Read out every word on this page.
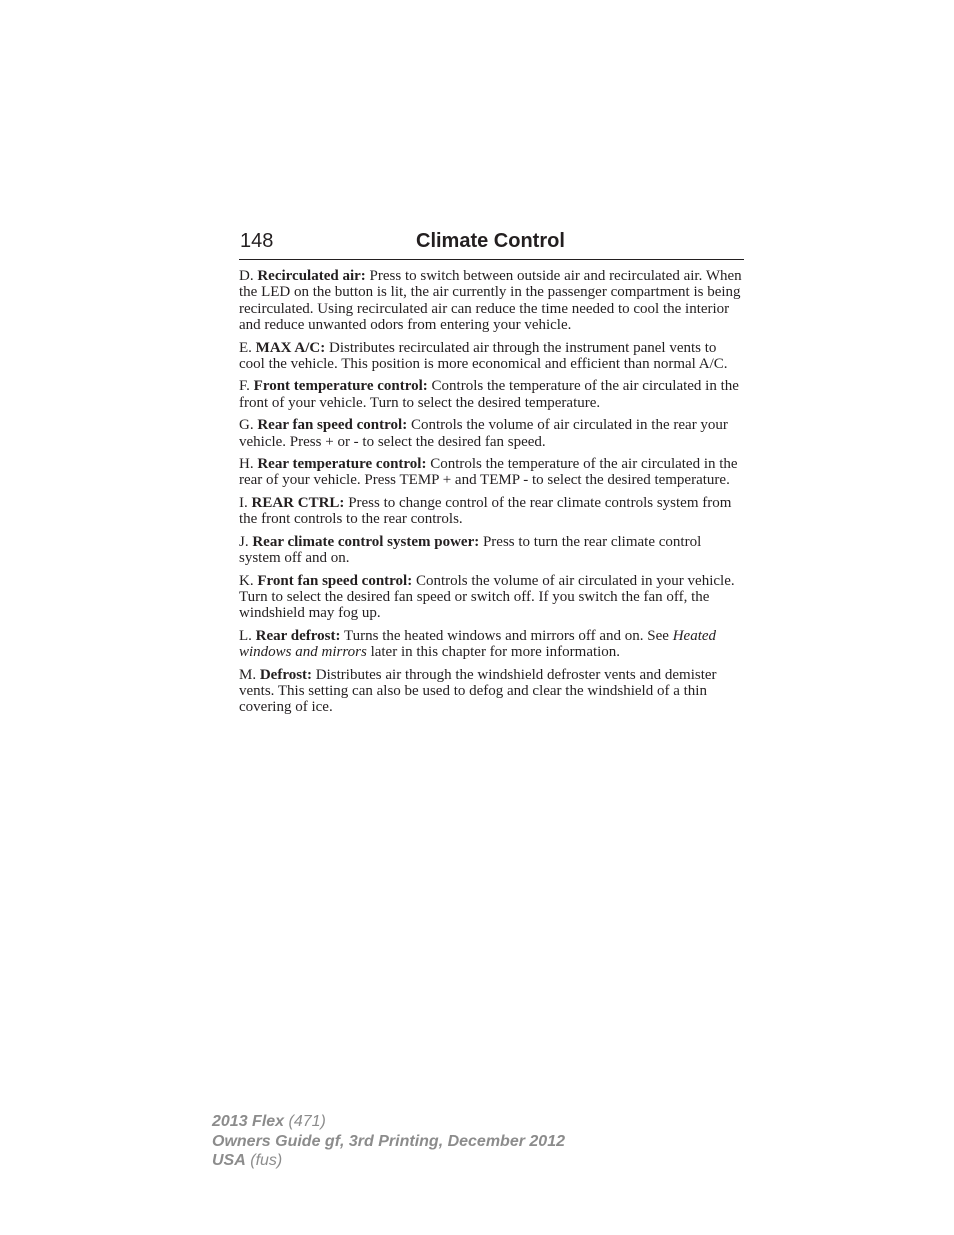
148	Climate Control

D. Recirculated air: Press to switch between outside air and recirculated air. When the LED on the button is lit, the air currently in the passenger compartment is being recirculated. Using recirculated air can reduce the time needed to cool the interior and reduce unwanted odors from entering your vehicle.

E. MAX A/C: Distributes recirculated air through the instrument panel vents to cool the vehicle. This position is more economical and efficient than normal A/C.

F. Front temperature control: Controls the temperature of the air circulated in the front of your vehicle. Turn to select the desired temperature.

G. Rear fan speed control: Controls the volume of air circulated in the rear your vehicle. Press + or - to select the desired fan speed.

H. Rear temperature control: Controls the temperature of the air circulated in the rear of your vehicle. Press TEMP + and TEMP - to select the desired temperature.

I. REAR CTRL: Press to change control of the rear climate controls system from the front controls to the rear controls.

J. Rear climate control system power: Press to turn the rear climate control system off and on.

K. Front fan speed control: Controls the volume of air circulated in your vehicle. Turn to select the desired fan speed or switch off. If you switch the fan off, the windshield may fog up.

L. Rear defrost: Turns the heated windows and mirrors off and on. See Heated windows and mirrors later in this chapter for more information.

M. Defrost: Distributes air through the windshield defroster vents and demister vents. This setting can also be used to defog and clear the windshield of a thin covering of ice.

2013 Flex (471)
Owners Guide gf, 3rd Printing, December 2012
USA (fus)
